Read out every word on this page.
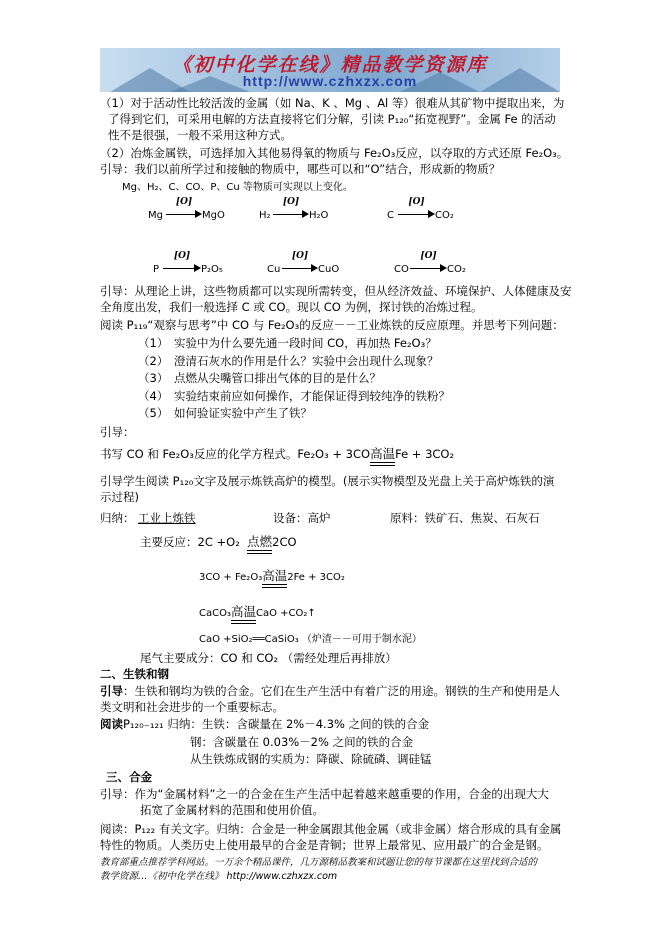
《初中化学在线》精品教学资源库
http://www.czhxzx.com
（1）对于活动性比较活泼的金属（如 Na、K 、Mg 、Al 等）很难从其矿物中提取出来，为
了得到它们，可采用电解的方法直接将它们分解，引读 P₁₂₀“拓宽视野”。金属 Fe 的活动
性不是很强，一般不采用这种方式。
（2）冶炼金属铁，可选择加入其他易得氧的物质与 Fe₂O₃反应，以夺取的方式还原 Fe₂O₃。
引导：我们以前所学过和接触的物质中，哪些可以和“O”结合，形成新的物质？
Mg、H₂、C、CO、P、Cu 等物质可实现以上变化。
Mg
[O]
MgO	H₂
[O]
H₂O	C
[O]
CO₂
P
[O]
P₂O₅	Cu
[O]
CuO	CO
[O]
CO₂
引导：从理论上讲，这些物质都可以实现所需转变，但从经济效益、环境保护、人体健康及安
全角度出发，我们一般选择 C 或 CO。现以 CO 为例，探讨铁的冶炼过程。
阅读 P₁₁₉“观察与思考”中 CO 与 Fe₂O₃的反应－－工业炼铁的反应原理。并思考下列问题：
（1） 实验中为什么要先通一段时间 CO，再加热 Fe₂O₃？
（2） 澄清石灰水的作用是什么？实验中会出现什么现象？
（3） 点燃从尖嘴管口排出气体的目的是什么？
（4） 实验结束前应如何操作，才能保证得到较纯净的铁粉？
（5） 如何验证实验中产生了铁？
引导：
书写 CO 和 Fe₂O₃反应的化学方程式。Fe₂O₃ + 3CO高温Fe + 3CO₂
引导学生阅读 P₁₂₀文字及展示炼铁高炉的模型。(展示实物模型及光盘上关于高炉炼铁的演
示过程)
归纳： 工业上炼铁	设备：高炉	原料：铁矿石、焦炭、石灰石
主要反应：2C +O₂ 点燃2CO
3CO + Fe₂O₃高温2Fe + 3CO₂
CaCO₃高温CaO +CO₂↑
CaO +SiO₂══CaSiO₃ （炉渣－－可用于制水泥）
尾气主要成分：CO 和 CO₂ （需经处理后再排放）
二、生铁和钢
引导：生铁和钢均为铁的合金。它们在生产生活中有着广泛的用途。钢铁的生产和使用是人
类文明和社会进步的一个重要标志。
阅读P₁₂₀₋₁₂₁ 归纳：生铁：含碳量在 2%－4.3% 之间的铁的合金
钢：含碳量在 0.03%－2% 之间的铁的合金
从生铁炼成钢的实质为：降碳、除硫磷、调硅锰
三、合金
引导：作为“金属材料”之一的合金在生产生活中起着越来越重要的作用，合金的出现大大
拓宽了金属材料的范围和使用价值。
阅读：P₁₂₂ 有关文字。归纳：合金是一种金属跟其他金属（或非金属）熔合形成的具有金属
特性的物质。人类历史上使用最早的合金是青铜；世界上最常见、应用最广的合金是钢。
教育部重点推荐学科网站。一万余个精品课件，几万源精品教案和试题让您的每节课都在这里找到合适的
教学资源…《初中化学在线》 http://www.czhxzx.com
